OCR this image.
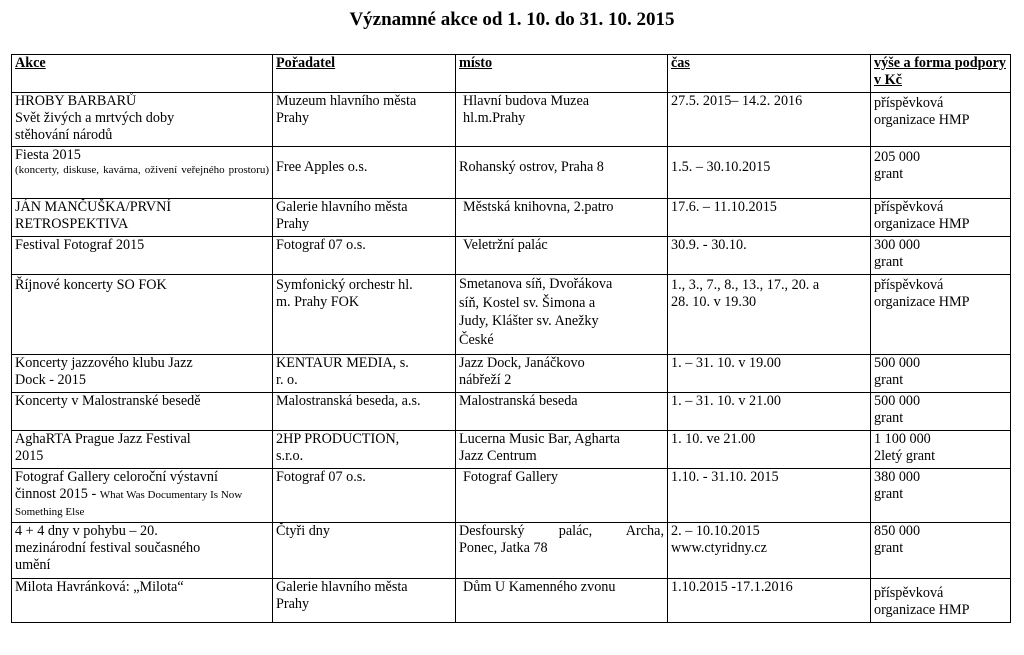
Významné akce od 1. 10. do 31. 10. 2015
Akce	Pořadatel	místo	čas	výše a forma podpory v Kč

HROBY BARBARŮ
Svět živých a mrtvých doby
stěhování národů	Muzeum hlavního města
Prahy	Hlavní budova Muzea
hl.m.Prahy	27.5. 2015– 14.2. 2016	příspěvková
organizace HMP

Fiesta 2015
(koncerty, diskuse, kavárna, oživení veřejného prostoru)	Free Apples o.s.	Rohanský ostrov, Praha 8	1.5. – 30.10.2015	205 000
grant

JÁN MANČUŠKA/PRVNÍ
RETROSPEKTIVA	Galerie hlavního města
Prahy	Městská knihovna, 2.patro	17.6. – 11.10.2015	příspěvková
organizace HMP

Festival Fotograf 2015	Fotograf 07 o.s.	Veletržní palác	30.9. - 30.10.	300 000
grant

Říjnové koncerty SO FOK	Symfonický orchestr hl.
m. Prahy FOK	Smetanova síň, Dvořákova
síň, Kostel sv. Šimona a
Judy, Klášter sv. Anežky
České	1., 3., 7., 8., 13., 17., 20. a
28. 10. v 19.30	příspěvková
organizace HMP

Koncerty jazzového klubu Jazz
Dock - 2015	KENTAUR MEDIA, s.
r. o.	Jazz Dock, Janáčkovo
nábřeží 2	1. – 31. 10. v 19.00	500 000
grant

Koncerty v Malostranské besedě	Malostranská beseda, a.s.	Malostranská beseda	1. – 31. 10. v 21.00	500 000
grant

AghaRTA Prague Jazz Festival
2015	2HP PRODUCTION,
s.r.o.	Lucerna Music Bar, Agharta
Jazz Centrum	1. 10. ve 21.00	1 100 000
2letý grant

Fotograf Gallery celoroční výstavní
činnost 2015 - What Was Documentary Is Now Something Else	Fotograf 07 o.s.	Fotograf Gallery	1.10. - 31.10. 2015	380 000
grant

4 + 4 dny v pohybu – 20.
mezinárodní festival současného
umění	Čtyři dny	Desfourský palác, Archa,
Ponec, Jatka 78	2. – 10.10.2015
www.ctyridny.cz	850 000
grant

Milota Havránková: „Milota“	Galerie hlavního města
Prahy	Dům U Kamenného zvonu	1.10.2015 -17.1.2016	příspěvková
organizace HMP
